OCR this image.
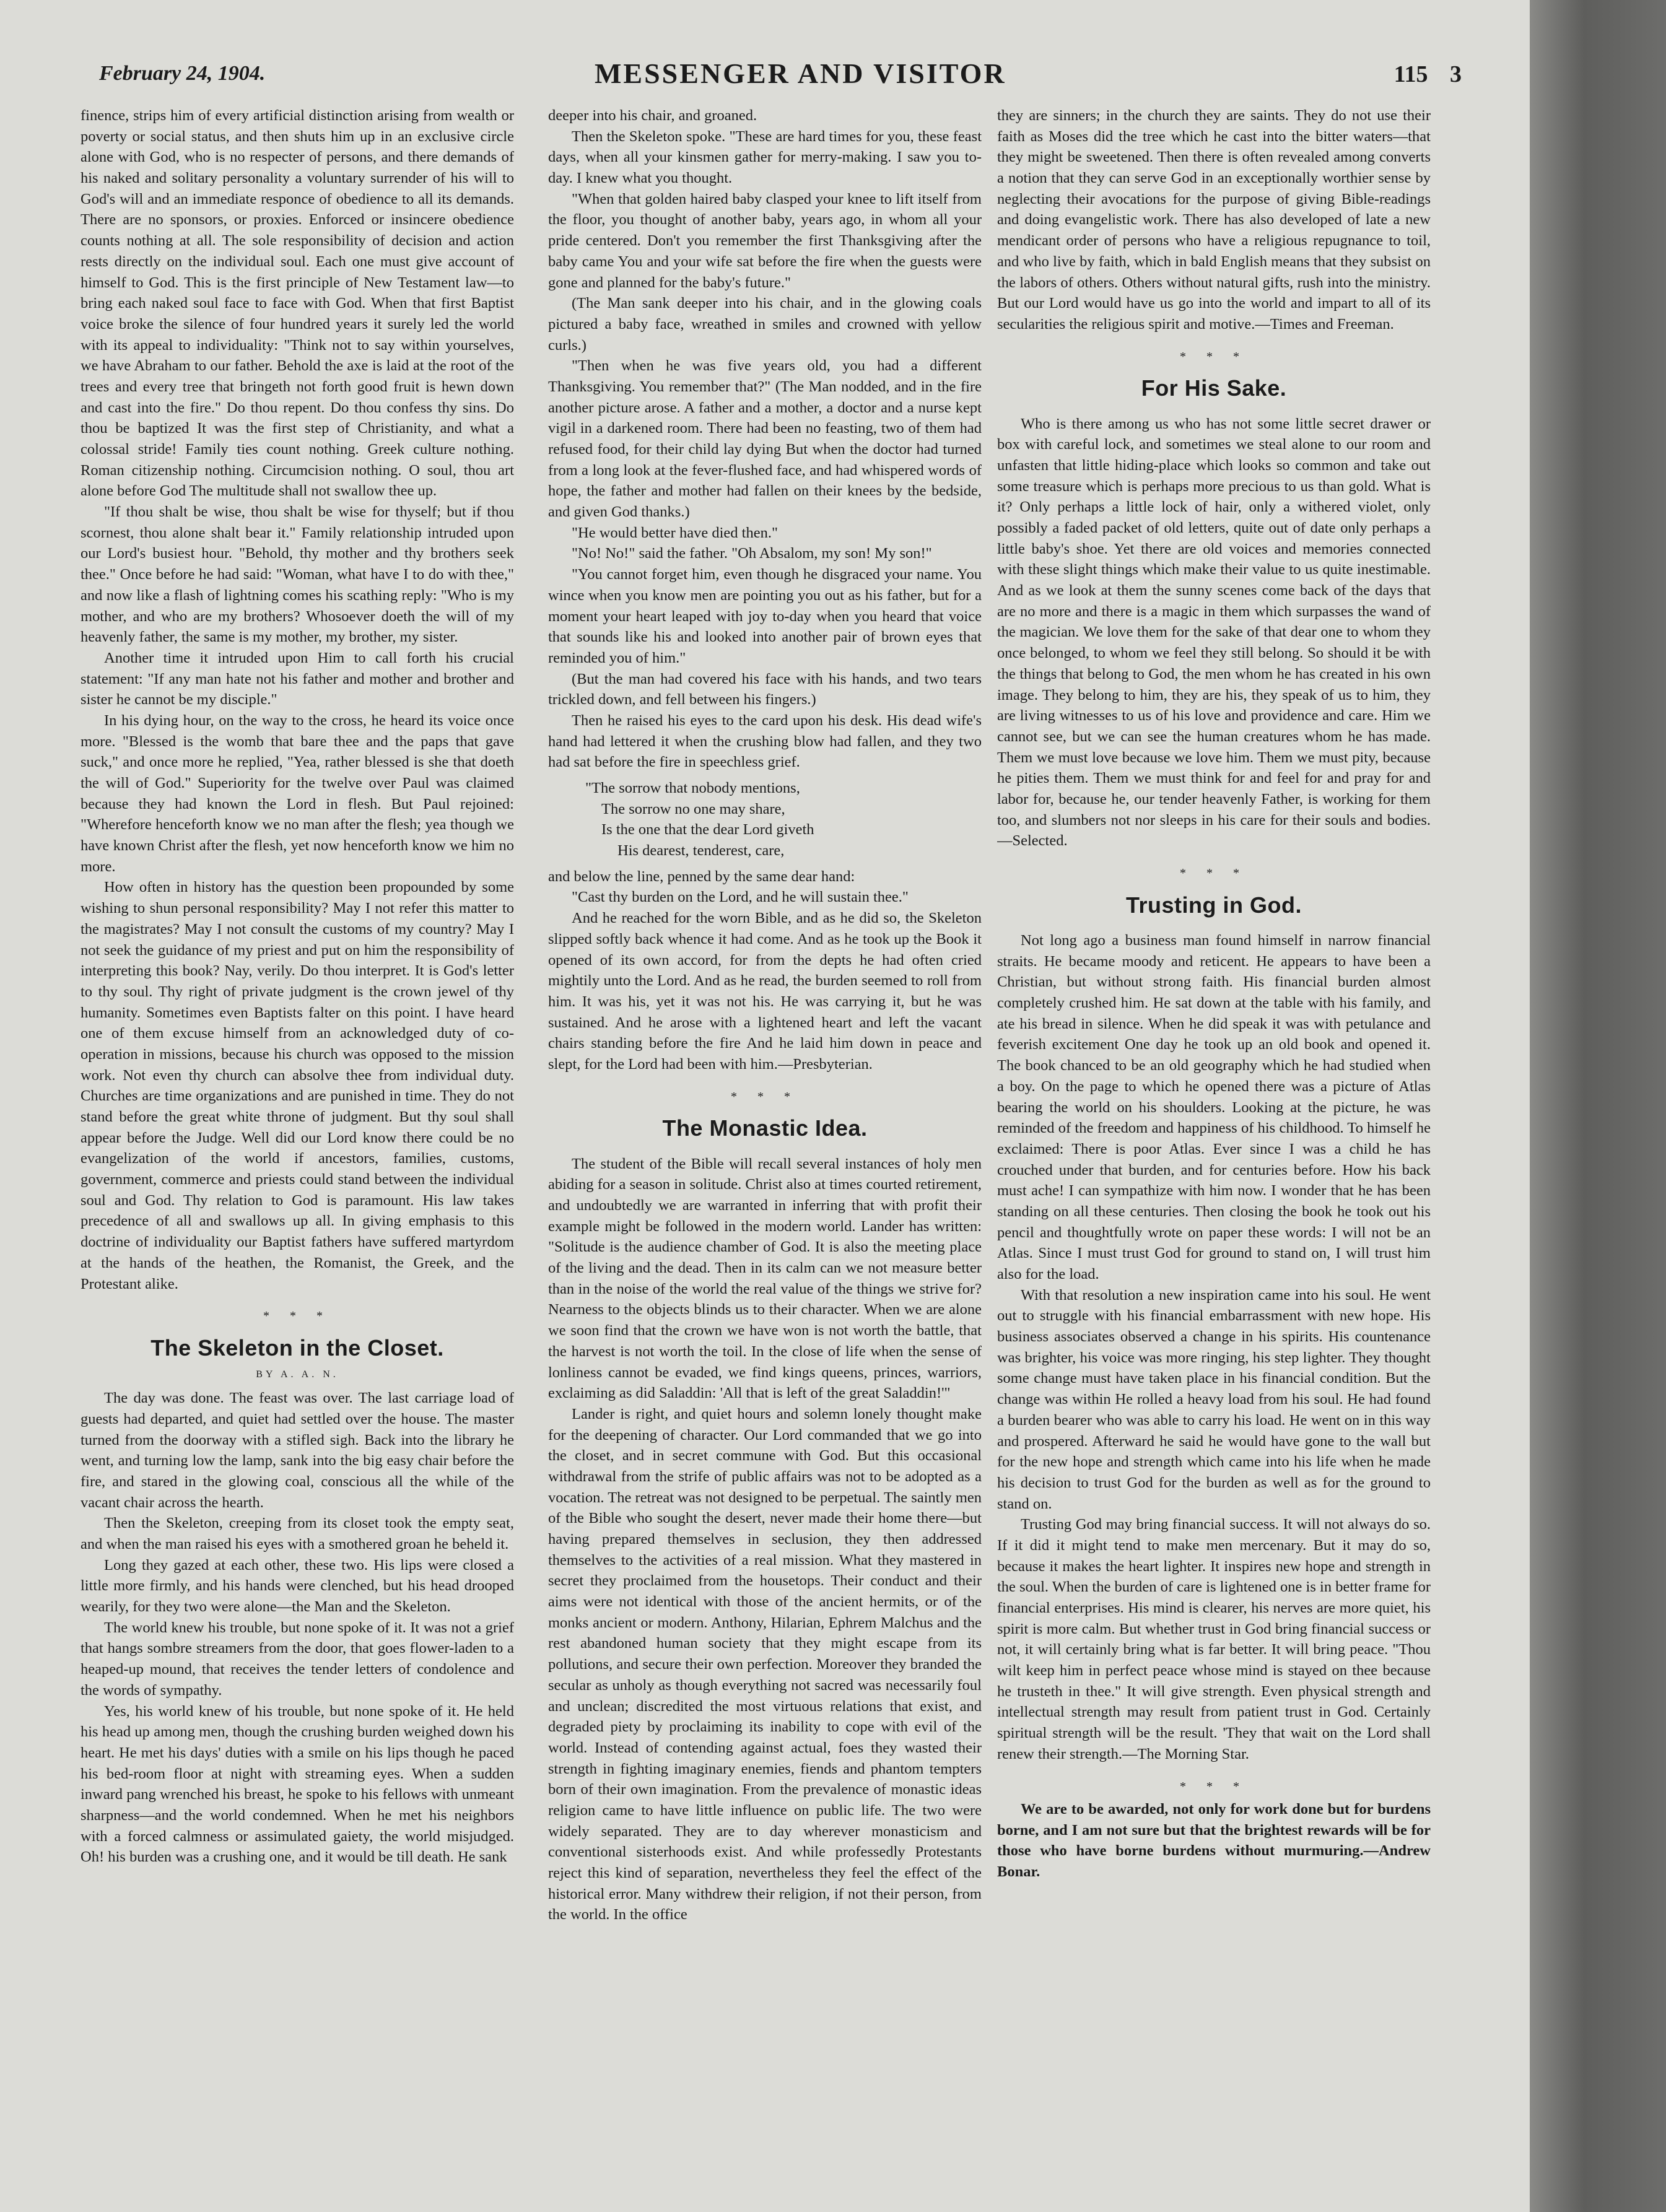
February 24, 1904.	MESSENGER AND VISITOR	115 3

finence, strips him of every artificial distinction arising from wealth or poverty or social status, and then shuts him up in an exclusive circle alone with God, who is no respecter of persons, and there demands of his naked and solitary personality a voluntary surrender of his will to God's will and an immediate responce of obedience to all its demands. There are no sponsors, or proxies. Enforced or insincere obedience counts nothing at all. The sole responsibility of decision and action rests directly on the individual soul. Each one must give account of himself to God. This is the first principle of New Testament law—to bring each naked soul face to face with God. When that first Baptist voice broke the silence of four hundred years it surely led the world with its appeal to individuality: "Think not to say within yourselves, we have Abraham to our father. Behold the axe is laid at the root of the trees and every tree that bringeth not forth good fruit is hewn down and cast into the fire." Do thou repent. Do thou confess thy sins. Do thou be baptized It was the first step of Christianity, and what a colossal stride! Family ties count nothing. Greek culture nothing. Roman citizenship nothing. Circumcision nothing. O soul, thou art alone before God The multitude shall not swallow thee up.

"If thou shalt be wise, thou shalt be wise for thyself; but if thou scornest, thou alone shalt bear it." Family relationship intruded upon our Lord's busiest hour. "Behold, thy mother and thy brothers seek thee." Once before he had said: "Woman, what have I to do with thee," and now like a flash of lightning comes his scathing reply: "Who is my mother, and who are my brothers? Whosoever doeth the will of my heavenly father, the same is my mother, my brother, my sister.

Another time it intruded upon Him to call forth his crucial statement: "If any man hate not his father and mother and brother and sister he cannot be my disciple."

In his dying hour, on the way to the cross, he heard its voice once more. "Blessed is the womb that bare thee and the paps that gave suck," and once more he replied, "Yea, rather blessed is she that doeth the will of God." Superiority for the twelve over Paul was claimed because they had known the Lord in flesh. But Paul rejoined: "Wherefore henceforth know we no man after the flesh; yea though we have known Christ after the flesh, yet now henceforth know we him no more.

How often in history has the question been propounded by some wishing to shun personal responsibility? May I not refer this matter to the magistrates? May I not consult the customs of my country? May I not seek the guidance of my priest and put on him the responsibility of interpreting this book? Nay, verily. Do thou interpret. It is God's letter to thy soul. Thy right of private judgment is the crown jewel of thy humanity. Sometimes even Baptists falter on this point. I have heard one of them excuse himself from an acknowledged duty of co-operation in missions, because his church was opposed to the mission work. Not even thy church can absolve thee from individual duty. Churches are time organizations and are punished in time. They do not stand before the great white throne of judgment. But thy soul shall appear before the Judge. Well did our Lord know there could be no evangelization of the world if ancestors, families, customs, government, commerce and priests could stand between the individual soul and God. Thy relation to God is paramount. His law takes precedence of all and swallows up all. In giving emphasis to this doctrine of individuality our Baptist fathers have suffered martyrdom at the hands of the heathen, the Romanist, the Greek, and the Protestant alike.

* * *
The Skeleton in the Closet.
BY A. A. N.

The day was done. The feast was over. The last carriage load of guests had departed, and quiet had settled over the house. The master turned from the doorway with a stifled sigh. Back into the library he went, and turning low the lamp, sank into the big easy chair before the fire, and stared in the glowing coal, conscious all the while of the vacant chair across the hearth.

Then the Skeleton, creeping from its closet took the empty seat, and when the man raised his eyes with a smothered groan he beheld it.

Long they gazed at each other, these two. His lips were closed a little more firmly, and his hands were clenched, but his head drooped wearily, for they two were alone—the Man and the Skeleton.

The world knew his trouble, but none spoke of it. It was not a grief that hangs sombre streamers from the door, that goes flower-laden to a heaped-up mound, that receives the tender letters of condolence and the words of sympathy.

Yes, his world knew of his trouble, but none spoke of it. He held his head up among men, though the crushing burden weighed down his heart. He met his days' duties with a smile on his lips though he paced his bed-room floor at night with streaming eyes. When a sudden inward pang wrenched his breast, he spoke to his fellows with unmeant sharpness—and the world condemned. When he met his neighbors with a forced calmness or assimulated gaiety, the world misjudged. Oh! his burden was a crushing one, and it would be till death. He sank

deeper into his chair, and groaned.

Then the Skeleton spoke. "These are hard times for you, these feast days, when all your kinsmen gather for merry-making. I saw you to-day. I knew what you thought.

"When that golden haired baby clasped your knee to lift itself from the floor, you thought of another baby, years ago, in whom all your pride centered. Don't you remember the first Thanksgiving after the baby came You and your wife sat before the fire when the guests were gone and planned for the baby's future."

(The Man sank deeper into his chair, and in the glowing coals pictured a baby face, wreathed in smiles and crowned with yellow curls.)

"Then when he was five years old, you had a different Thanksgiving. You remember that?" (The Man nodded, and in the fire another picture arose. A father and a mother, a doctor and a nurse kept vigil in a darkened room. There had been no feasting, two of them had refused food, for their child lay dying But when the doctor had turned from a long look at the fever-flushed face, and had whispered words of hope, the father and mother had fallen on their knees by the bedside, and given God thanks.)

"He would better have died then."

"No! No!" said the father. "Oh Absalom, my son! My son!"

"You cannot forget him, even though he disgraced your name. You wince when you know men are pointing you out as his father, but for a moment your heart leaped with joy to-day when you heard that voice that sounds like his and looked into another pair of brown eyes that reminded you of him."

(But the man had covered his face with his hands, and two tears trickled down, and fell between his fingers.)

Then he raised his eyes to the card upon his desk. His dead wife's hand had lettered it when the crushing blow had fallen, and they two had sat before the fire in speechless grief.

"The sorrow that nobody mentions,
The sorrow no one may share,
Is the one that the dear Lord giveth
His dearest, tenderest, care,

and below the line, penned by the same dear hand:

"Cast thy burden on the Lord, and he will sustain thee."

And he reached for the worn Bible, and as he did so, the Skeleton slipped softly back whence it had come. And as he took up the Book it opened of its own accord, for from the depts he had often cried mightily unto the Lord. And as he read, the burden seemed to roll from him. It was his, yet it was not his. He was carrying it, but he was sustained. And he arose with a lightened heart and left the vacant chairs standing before the fire And he laid him down in peace and slept, for the Lord had been with him.—Presbyterian.

* * *
The Monastic Idea.

The student of the Bible will recall several instances of holy men abiding for a season in solitude. Christ also at times courted retirement, and undoubtedly we are warranted in inferring that with profit their example might be followed in the modern world. Lander has written: "Solitude is the audience chamber of God. It is also the meeting place of the living and the dead. Then in its calm can we not measure better than in the noise of the world the real value of the things we strive for? Nearness to the objects blinds us to their character. When we are alone we soon find that the crown we have won is not worth the battle, that the harvest is not worth the toil. In the close of life when the sense of lonliness cannot be evaded, we find kings queens, princes, warriors, exclaiming as did Saladdin: 'All that is left of the great Saladdin!'"

Lander is right, and quiet hours and solemn lonely thought make for the deepening of character. Our Lord commanded that we go into the closet, and in secret commune with God. But this occasional withdrawal from the strife of public affairs was not to be adopted as a vocation. The retreat was not designed to be perpetual. The saintly men of the Bible who sought the desert, never made their home there—but having prepared themselves in seclusion, they then addressed themselves to the activities of a real mission. What they mastered in secret they proclaimed from the housetops. Their conduct and their aims were not identical with those of the ancient hermits, or of the monks ancient or modern. Anthony, Hilarian, Ephrem Malchus and the rest abandoned human society that they might escape from its pollutions, and secure their own perfection. Moreover they branded the secular as unholy as though everything not sacred was necessarily foul and unclean; discredited the most virtuous relations that exist, and degraded piety by proclaiming its inability to cope with evil of the world. Instead of contending against actual, foes they wasted their strength in fighting imaginary enemies, fiends and phantom tempters born of their own imagination. From the prevalence of monastic ideas religion came to have little influence on public life. The two were widely separated. They are to day wherever monasticism and conventional sisterhoods exist. And while professedly Protestants reject this kind of separation, nevertheless they feel the effect of the historical error. Many withdrew their religion, if not their person, from the world. In the office

they are sinners; in the church they are saints. They do not use their faith as Moses did the tree which he cast into the bitter waters—that they might be sweetened. Then there is often revealed among converts a notion that they can serve God in an exceptionally worthier sense by neglecting their avocations for the purpose of giving Bible-readings and doing evangelistic work. There has also developed of late a new mendicant order of persons who have a religious repugnance to toil, and who live by faith, which in bald English means that they subsist on the labors of others. Others without natural gifts, rush into the ministry. But our Lord would have us go into the world and impart to all of its secularities the religious spirit and motive.—Times and Freeman.

* * *
For His Sake.

Who is there among us who has not some little secret drawer or box with careful lock, and sometimes we steal alone to our room and unfasten that little hiding-place which looks so common and take out some treasure which is perhaps more precious to us than gold. What is it? Only perhaps a little lock of hair, only a withered violet, only possibly a faded packet of old letters, quite out of date only perhaps a little baby's shoe. Yet there are old voices and memories connected with these slight things which make their value to us quite inestimable. And as we look at them the sunny scenes come back of the days that are no more and there is a magic in them which surpasses the wand of the magician. We love them for the sake of that dear one to whom they once belonged, to whom we feel they still belong. So should it be with the things that belong to God, the men whom he has created in his own image. They belong to him, they are his, they speak of us to him, they are living witnesses to us of his love and providence and care. Him we cannot see, but we can see the human creatures whom he has made. Them we must love because we love him. Them we must pity, because he pities them. Them we must think for and feel for and pray for and labor for, because he, our tender heavenly Father, is working for them too, and slumbers not nor sleeps in his care for their souls and bodies.—Selected.

* * *
Trusting in God.

Not long ago a business man found himself in narrow financial straits. He became moody and reticent. He appears to have been a Christian, but without strong faith. His financial burden almost completely crushed him. He sat down at the table with his family, and ate his bread in silence. When he did speak it was with petulance and feverish excitement One day he took up an old book and opened it. The book chanced to be an old geography which he had studied when a boy. On the page to which he opened there was a picture of Atlas bearing the world on his shoulders. Looking at the picture, he was reminded of the freedom and happiness of his childhood. To himself he exclaimed: There is poor Atlas. Ever since I was a child he has crouched under that burden, and for centuries before. How his back must ache! I can sympathize with him now. I wonder that he has been standing on all these centuries. Then closing the book he took out his pencil and thoughtfully wrote on paper these words: I will not be an Atlas. Since I must trust God for ground to stand on, I will trust him also for the load.

With that resolution a new inspiration came into his soul. He went out to struggle with his financial embarrassment with new hope. His business associates observed a change in his spirits. His countenance was brighter, his voice was more ringing, his step lighter. They thought some change must have taken place in his financial condition. But the change was within He rolled a heavy load from his soul. He had found a burden bearer who was able to carry his load. He went on in this way and prospered. Afterward he said he would have gone to the wall but for the new hope and strength which came into his life when he made his decision to trust God for the burden as well as for the ground to stand on.

Trusting God may bring financial success. It will not always do so. If it did it might tend to make men mercenary. But it may do so, because it makes the heart lighter. It inspires new hope and strength in the soul. When the burden of care is lightened one is in better frame for financial enterprises. His mind is clearer, his nerves are more quiet, his spirit is more calm. But whether trust in God bring financial success or not, it will certainly bring what is far better. It will bring peace. "Thou wilt keep him in perfect peace whose mind is stayed on thee because he trusteth in thee." It will give strength. Even physical strength and intellectual strength may result from patient trust in God. Certainly spiritual strength will be the result. 'They that wait on the Lord shall renew their strength.—The Morning Star.

* * *

We are to be awarded, not only for work done but for burdens borne, and I am not sure but that the brightest rewards will be for those who have borne burdens without murmuring.—Andrew Bonar.
